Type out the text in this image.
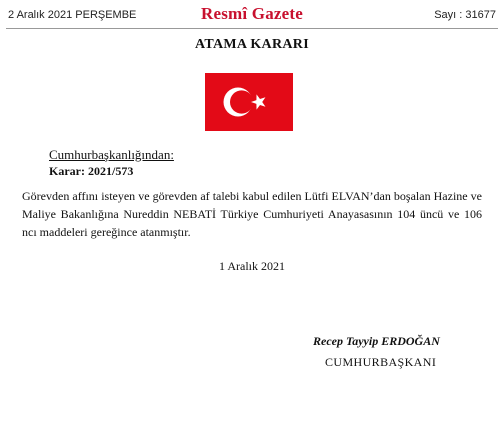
2 Aralık 2021 PERŞEMBE	Resmî Gazete	Sayı : 31677
ATAMA KARARI
Cumhurbaşkanlığından:
Karar: 2021/573
Görevden affını isteyen ve görevden af talebi kabul edilen Lütfi ELVAN’dan boşalan Hazine ve Maliye Bakanlığına Nureddin NEBATİ Türkiye Cumhuriyeti Anayasasının 104 üncü ve 106 ncı maddeleri gereğince atanmıştır.
1 Aralık 2021
Recep Tayyip ERDOĞAN
CUMHURBAŞKANI
